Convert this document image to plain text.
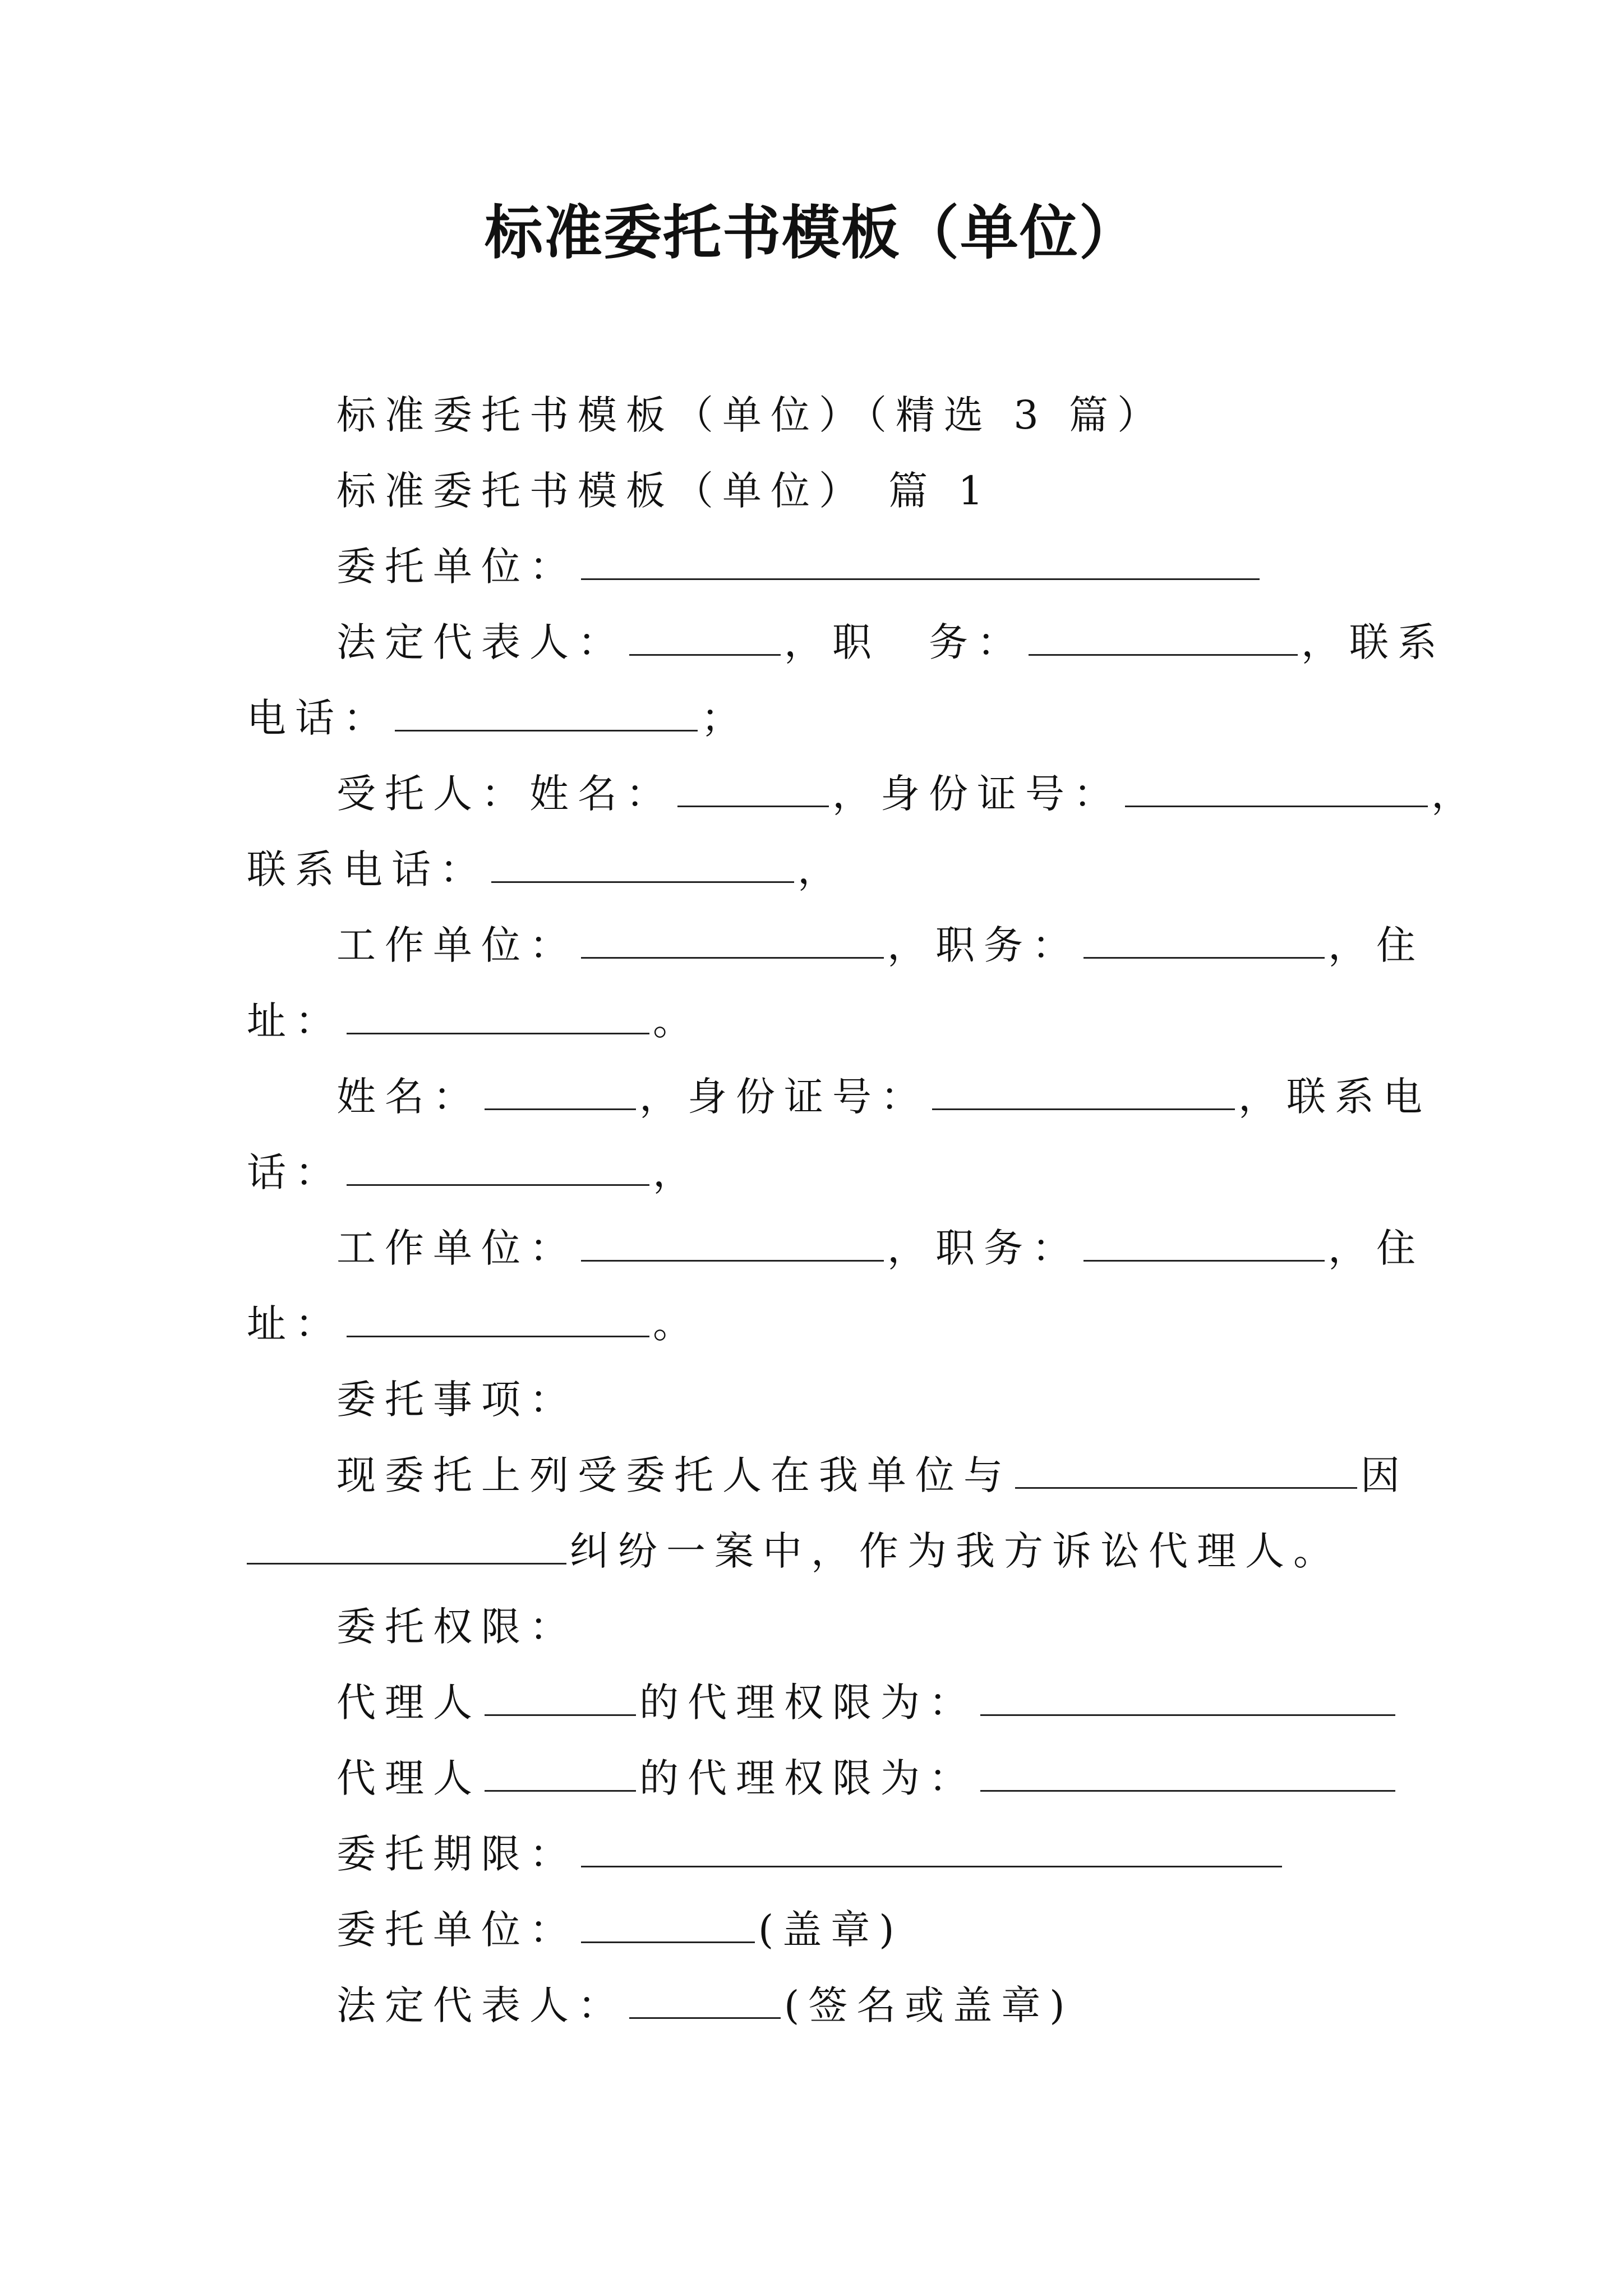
标准委托书模板（单位）
标准委托书模板（单位）（精选 3 篇）
标准委托书模板（单位） 篇 1
委托单位：
法定代表人：	，职　务：	，联系
电话：	；
受托人：姓名：	，身份证号：	，
联系电话：	，
工作单位：	，职务：	，住
址：	。
姓名：	，身份证号：	，联系电
话：	，
工作单位：	，职务：	，住
址：	。
委托事项：
现委托上列受委托人在我单位与	因
纠纷一案中，作为我方诉讼代理人。
委托权限：
代理人	的代理权限为：
代理人	的代理权限为：
委托期限：
委托单位：	(盖章)
法定代表人：	(签名或盖章)
